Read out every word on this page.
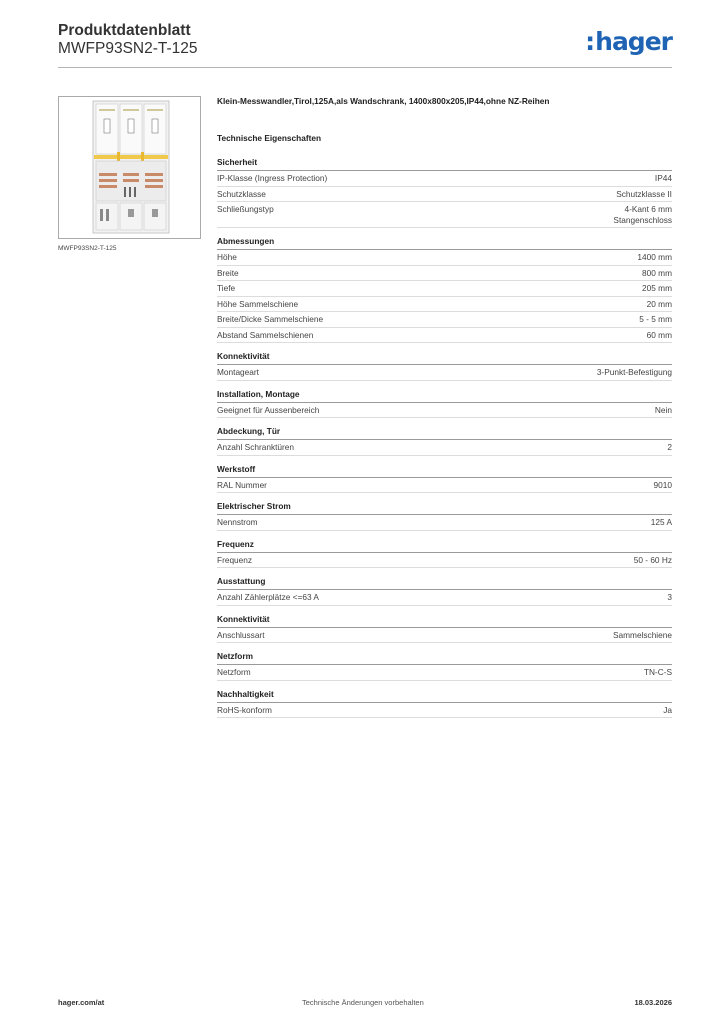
Produktdatenblatt
MWFP93SN2-T-125	:hager
MWFP93SN2-T-125
Klein-Messwandler,Tirol,125A,als Wandschrank, 1400x800x205,IP44,ohne NZ-Reihen
Technische Eigenschaften
Sicherheit
IP-Klasse (Ingress Protection)	IP44
Schutzklasse	Schutzklasse II
Schließungstyp	4-Kant 6 mm
Stangenschloss
Abmessungen
Höhe	1400 mm
Breite	800 mm
Tiefe	205 mm
Höhe Sammelschiene	20 mm
Breite/Dicke Sammelschiene	5 - 5 mm
Abstand Sammelschienen	60 mm
Konnektivität
Montageart	3-Punkt-Befestigung
Installation, Montage
Geeignet für Aussenbereich	Nein
Abdeckung, Tür
Anzahl Schranktüren	2
Werkstoff
RAL Nummer	9010
Elektrischer Strom
Nennstrom	125 A
Frequenz
Frequenz	50 - 60 Hz
Ausstattung
Anzahl Zählerplätze <=63 A	3
Konnektivität
Anschlussart	Sammelschiene
Netzform
Netzform	TN-C-S
Nachhaltigkeit
RoHS-konform	Ja
hager.com/at	Technische Änderungen vorbehalten	18.03.2026
